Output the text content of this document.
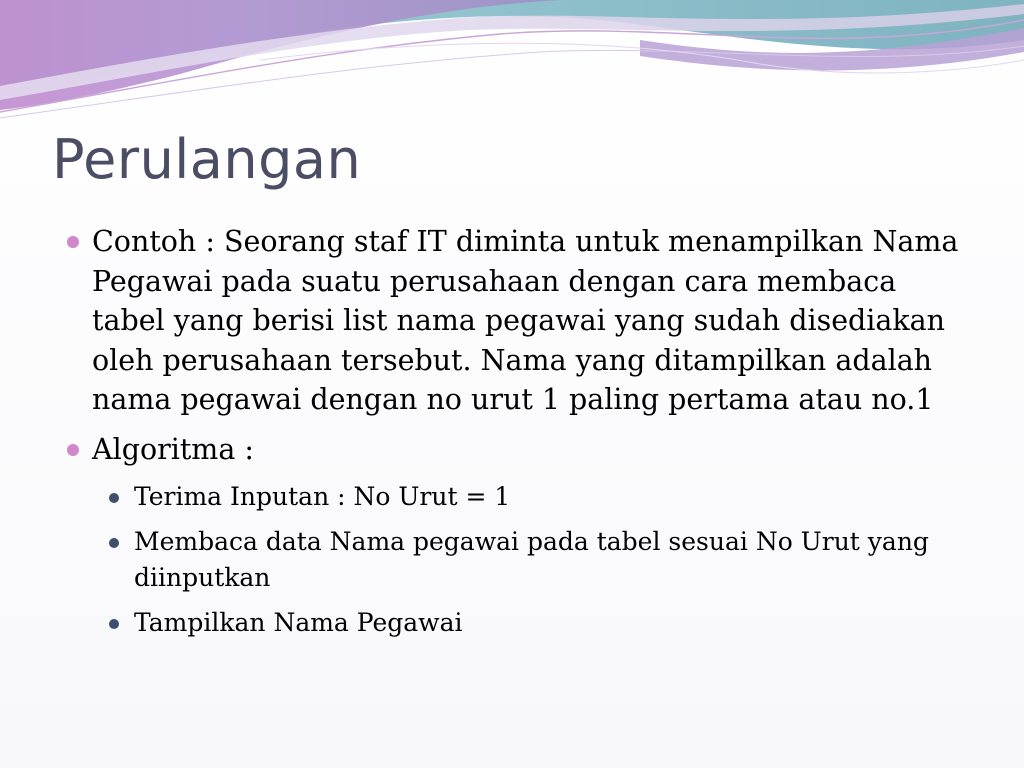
Perulangan
Contoh : Seorang staf IT diminta untuk menampilkan Nama Pegawai pada suatu perusahaan dengan cara membaca tabel yang berisi list nama pegawai yang sudah disediakan oleh perusahaan tersebut. Nama yang ditampilkan adalah nama pegawai dengan no urut 1 paling pertama atau no.1
Algoritma :
Terima Inputan : No Urut = 1
Membaca data Nama pegawai pada tabel sesuai No Urut yang diinputkan
Tampilkan Nama Pegawai
